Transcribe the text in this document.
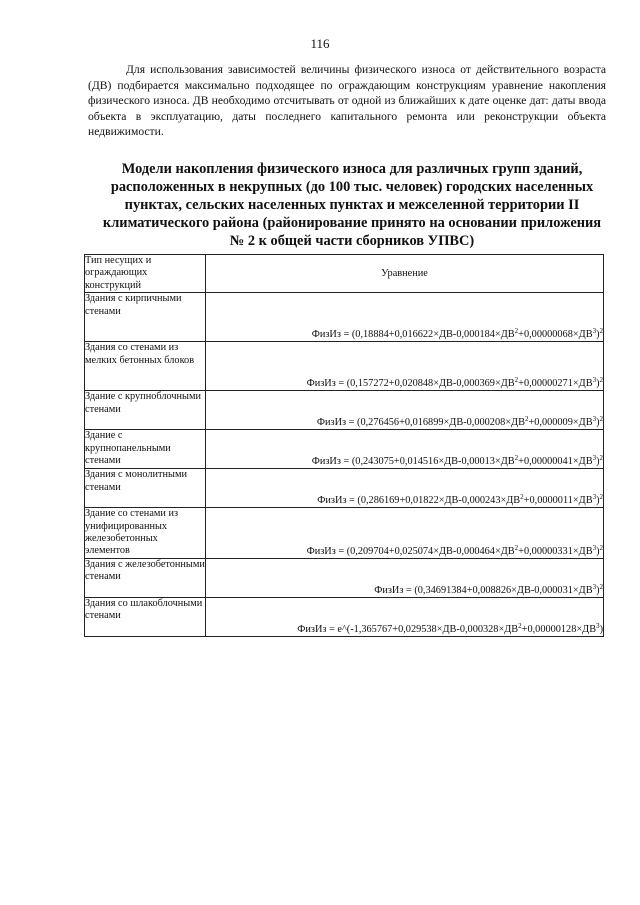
116

Для использования зависимостей величины физического износа от действительного возраста (ДВ) подбирается максимально подходящее по ограждающим конструкциям уравнение накопления физического износа. ДВ необходимо отсчитывать от одной из ближайших к дате оценке дат: даты ввода объекта в эксплуатацию, даты последнего капитального ремонта или реконструкции объекта недвижимости.

Модели накопления физического износа для различных групп зданий, расположенных в некрупных (до 100 тыс. человек) городских населенных пунктах, сельских населенных пунктах и межселенной территории II климатического района (районирование принято на основании приложения № 2 к общей части сборников УПВС)

Тип несущих и ограждающих конструкций	Уравнение
Здания с кирпичными стенами	ФизИз = $(0,18884+0,016622\times ДВ-0,000184\times ДВ^2+0,00000068\times ДВ^3)^2$
Здания со стенами из мелких бетонных блоков	ФизИз = $(0,157272+0,020848\times ДВ-0,000369\times ДВ^2+0,00000271\times ДВ^3)^2$
Здание с крупноблочными стенами	ФизИз = $(0,276456+0,016899\times ДВ-0,000208\times ДВ^2+0,000009\times ДВ^3)^2$
Здание с крупнопанельными стенами	ФизИз = $(0,243075+0,014516\times ДВ-0,00013\times ДВ^2+0,00000041\times ДВ^3)^2$
Здания с монолитными стенами	ФизИз = $(0,286169+0,01822\times ДВ-0,000243\times ДВ^2+0,0000011\times ДВ^3)^2$
Здание со стенами из унифицированных железобетонных элементов	ФизИз = $(0,209704+0,025074\times ДВ-0,000464\times ДВ^2+0,00000331\times ДВ^3)^2$
Здания с железобетонными стенами	ФизИз = $(0,34691384+0,008826\times ДВ-0,000031\times ДВ^3)^2$
Здания со шлакоблочными стенами	ФизИз = $e\^{}(-1,365767+0,029538\times ДВ-0,000328\times ДВ^2+0,00000128\times ДВ^3)$
